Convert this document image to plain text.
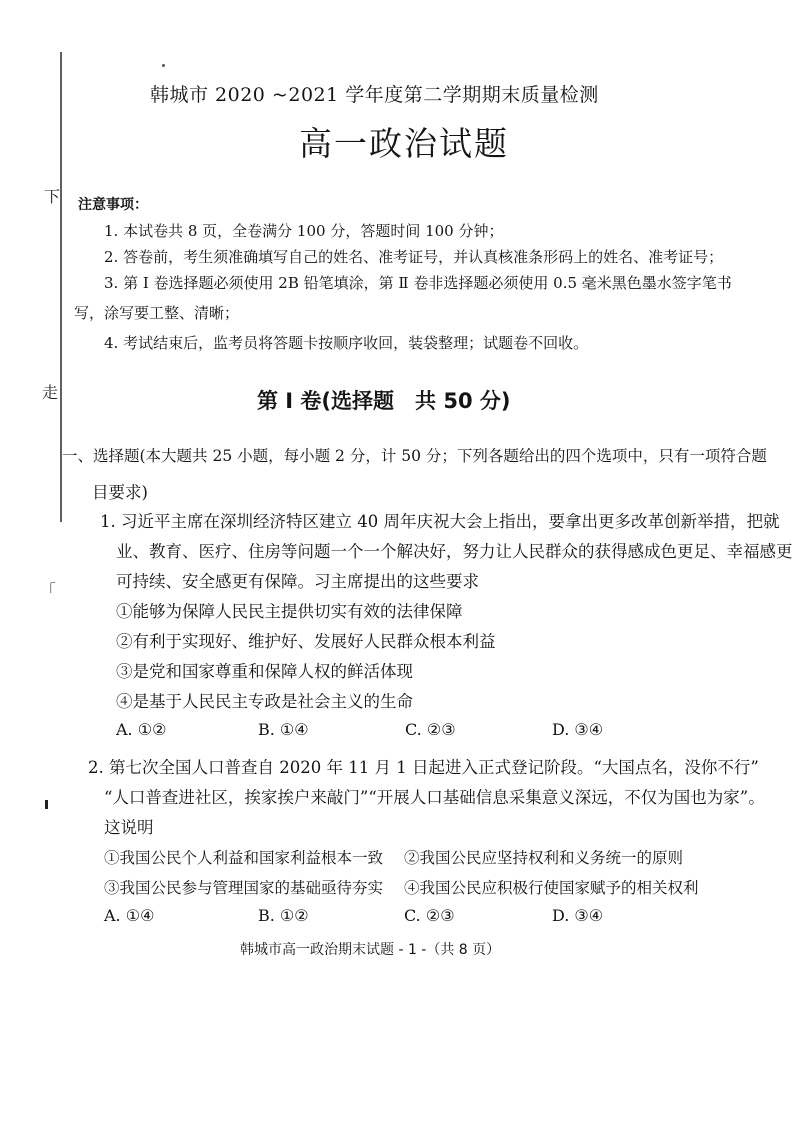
下
走
「
韩城市 2020 ~2021 学年度第二学期期末质量检测
高一政治试题
注意事项：
1. 本试卷共 8 页，全卷满分 100 分，答题时间 100 分钟；
2. 答卷前，考生须准确填写自己的姓名、准考证号，并认真核准条形码上的姓名、准考证号；
3. 第 Ⅰ 卷选择题必须使用 2B 铅笔填涂，第 Ⅱ 卷非选择题必须使用 0.5 毫米黑色墨水签字笔书
写，涂写要工整、清晰；
4. 考试结束后，监考员将答题卡按顺序收回，装袋整理；试题卷不回收。
第 Ⅰ 卷(选择题　共 50 分)
一、选择题(本大题共 25 小题，每小题 2 分，计 50 分；下列各题给出的四个选项中，只有一项符合题
目要求)
1. 习近平主席在深圳经济特区建立 40 周年庆祝大会上指出，要拿出更多改革创新举措，把就
业、教育、医疗、住房等问题一个一个解决好，努力让人民群众的获得感成色更足、幸福感更
可持续、安全感更有保障。习主席提出的这些要求
①能够为保障人民民主提供切实有效的法律保障
②有利于实现好、维护好、发展好人民群众根本利益
③是党和国家尊重和保障人权的鲜活体现
④是基于人民民主专政是社会主义的生命
A. ①②	B. ①④	C. ②③	D. ③④
2. 第七次全国人口普查自 2020 年 11 月 1 日起进入正式登记阶段。“大国点名，没你不行”
“人口普查进社区，挨家挨户来敲门”“开展人口基础信息采集意义深远，不仅为国也为家”。
这说明
①我国公民个人利益和国家利益根本一致 ②我国公民应坚持权利和义务统一的原则
③我国公民参与管理国家的基础亟待夯实 ④我国公民应积极行使国家赋予的相关权利
A. ①④	B. ①②	C. ②③	D. ③④
韩城市高一政治期末试题 - 1 -（共 8 页）
